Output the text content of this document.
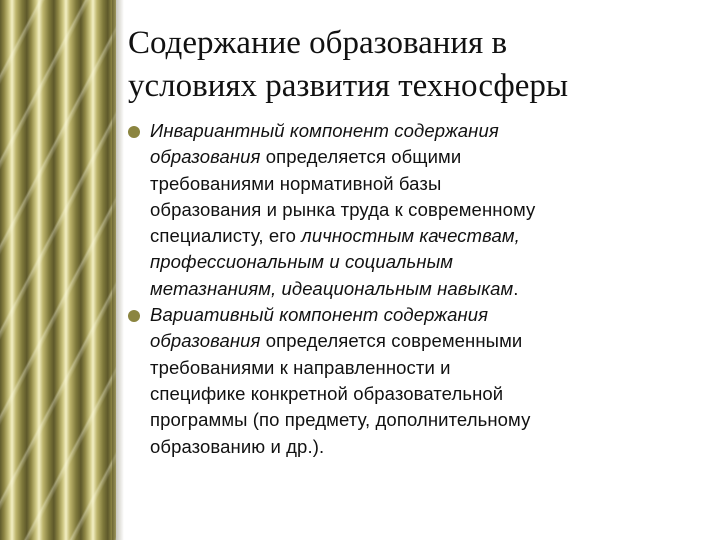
Содержание образования в
условиях развития техносферы
Инвариантный компонент содержания
образования определяется общими
требованиями нормативной базы
образования и рынка труда к современному
специалисту, его личностным качествам,
профессиональным и социальным
метазнаниям, идеациональным навыкам.
Вариативный компонент содержания
образования определяется современными
требованиями к направленности и
специфике конкретной образовательной
программы (по предмету, дополнительному
образованию и др.).
